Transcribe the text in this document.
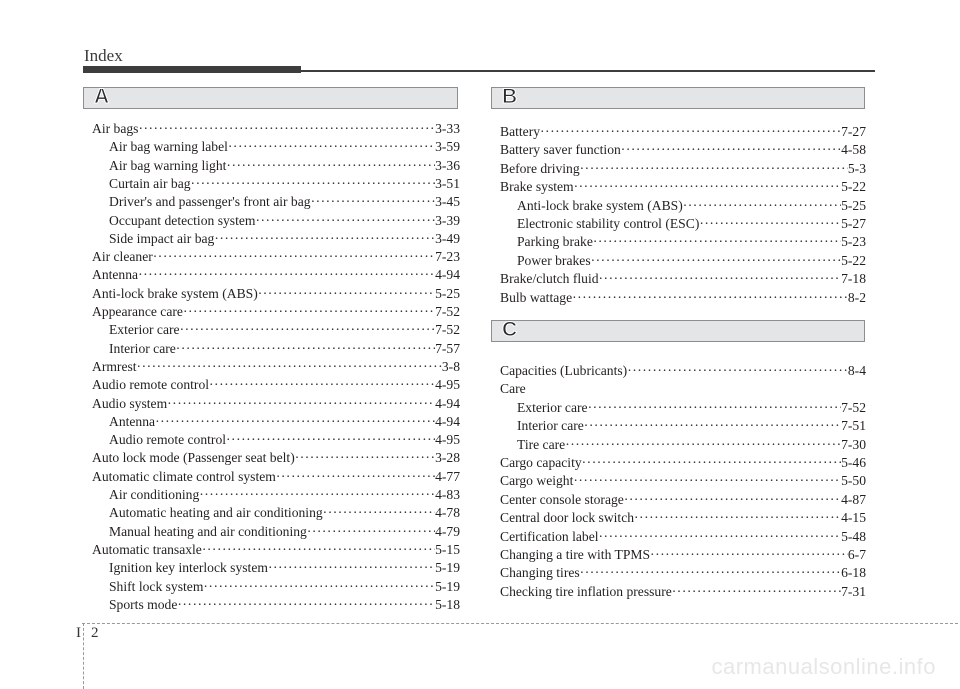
Index
A	B
C
Air bags ·····	3-33
Air bag warning label ·····	3-59
Air bag warning light ·····	3-36
Curtain air bag ·····	3-51
Driver's and passenger's front air bag ·····	3-45
Occupant detection system ·····	3-39
Side impact air bag ·····	3-49
Air cleaner ·····	7-23
Antenna ·····	4-94
Anti-lock brake system (ABS) ·····	5-25
Appearance care ·····	7-52
Exterior care ·····	7-52
Interior care ·····	7-57
Armrest ·····	3-8
Audio remote control ·····	4-95
Audio system ·····	4-94
Antenna ·····	4-94
Audio remote control ·····	4-95
Auto lock mode (Passenger seat belt) ·····	3-28
Automatic climate control system ·····	4-77
Air conditioning ·····	4-83
Automatic heating and air conditioning ·····	4-78
Manual heating and air conditioning ·····	4-79
Automatic transaxle ·····	5-15
Ignition key interlock system ·····	5-19
Shift lock system ·····	5-19
Sports mode ·····	5-18
Battery ·····	7-27
Battery saver function ·····	4-58
Before driving ·····	5-3
Brake system ·····	5-22
Anti-lock brake system (ABS) ·····	5-25
Electronic stability control (ESC) ·····	5-27
Parking brake ·····	5-23
Power brakes ·····	5-22
Brake/clutch fluid ·····	7-18
Bulb wattage ·····	8-2
Capacities (Lubricants) ·····	8-4
Care
Exterior care ·····	7-52
Interior care ·····	7-51
Tire care ·····	7-30
Cargo capacity ·····	5-46
Cargo weight ·····	5-50
Center console storage ·····	4-87
Central door lock switch ·····	4-15
Certification label ·····	5-48
Changing a tire with TPMS ·····	6-7
Changing tires ·····	6-18
Checking tire inflation pressure ·····	7-31
I 2
carmanualsonline.info
